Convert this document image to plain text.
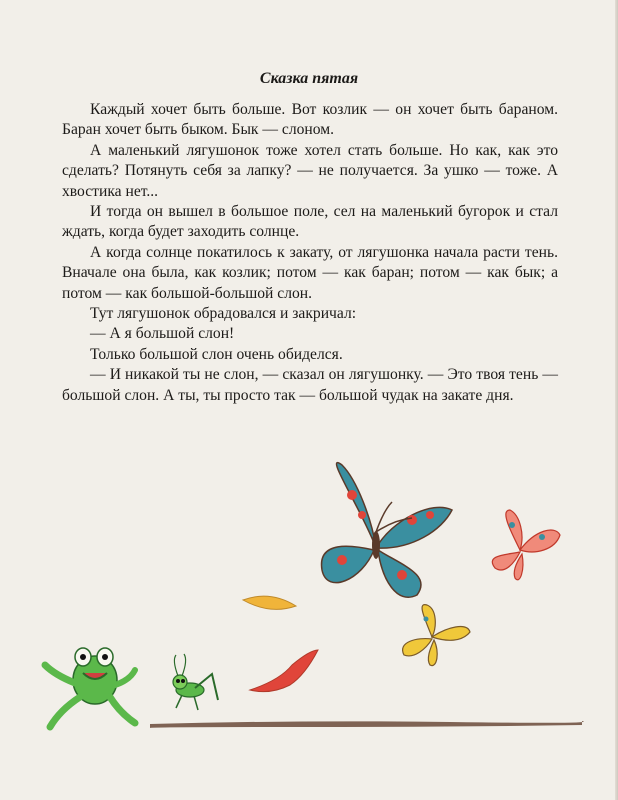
Сказка пятая

Каждый хочет быть больше. Вот козлик — он хочет быть бараном. Баран хочет быть быком. Бык — слоном.

А маленький лягушонок тоже хотел стать больше. Но как, как это сделать? Потянуть себя за лапку? — не получается. За ушко — тоже. А хвостика нет...

И тогда он вышел в большое поле, сел на маленький бугорок и стал ждать, когда будет заходить солнце.

А когда солнце покатилось к закату, от лягушонка начала расти тень. Вначале она была, как козлик; потом — как баран; потом — как бык; а потом — как большой-большой слон.

Тут лягушонок обрадовался и закричал:

— А я большой слон!

Только большой слон очень обиделся.

— И никакой ты не слон, — сказал он лягушонку. — Это твоя тень — большой слон. А ты, ты просто так — большой чудак на закате дня.
